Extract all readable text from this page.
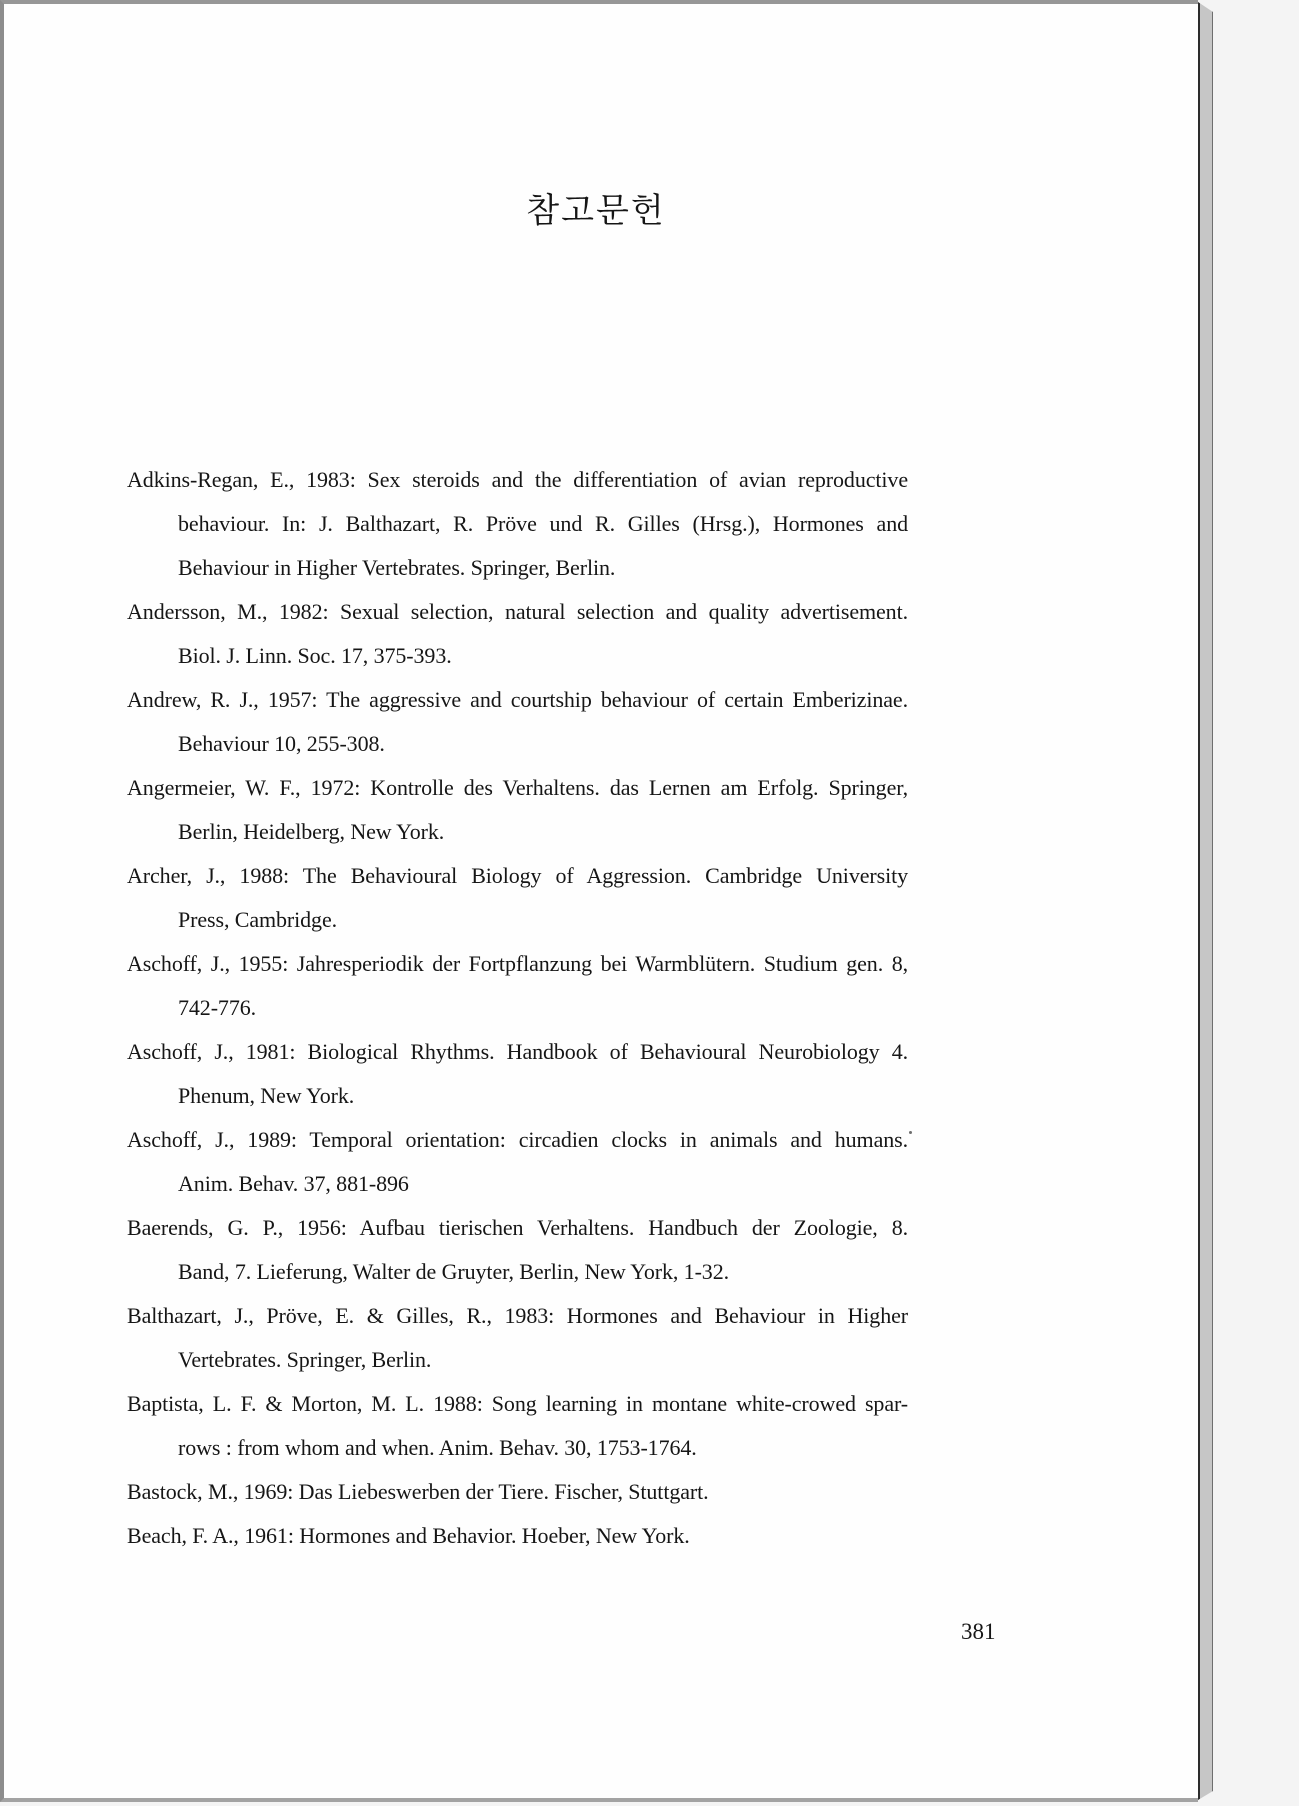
참고문헌
Adkins-Regan, E., 1983: Sex steroids and the differentiation of avian reproductive
behaviour. In: J. Balthazart, R. Pröve und R. Gilles (Hrsg.), Hormones and
Behaviour in Higher Vertebrates. Springer, Berlin.
Andersson, M., 1982: Sexual selection, natural selection and quality advertisement.
Biol. J. Linn. Soc. 17, 375-393.
Andrew, R. J., 1957: The aggressive and courtship behaviour of certain Emberizinae.
Behaviour 10, 255-308.
Angermeier, W. F., 1972: Kontrolle des Verhaltens. das Lernen am Erfolg. Springer,
Berlin, Heidelberg, New York.
Archer, J., 1988: The Behavioural Biology of Aggression. Cambridge University
Press, Cambridge.
Aschoff, J., 1955: Jahresperiodik der Fortpflanzung bei Warmblütern. Studium gen. 8,
742-776.
Aschoff, J., 1981: Biological Rhythms. Handbook of Behavioural Neurobiology 4.
Phenum, New York.
Aschoff, J., 1989: Temporal orientation: circadien clocks in animals and humans.
Anim. Behav. 37, 881-896
Baerends, G. P., 1956: Aufbau tierischen Verhaltens. Handbuch der Zoologie, 8.
Band, 7. Lieferung, Walter de Gruyter, Berlin, New York, 1-32.
Balthazart, J., Pröve, E. & Gilles, R., 1983: Hormones and Behaviour in Higher
Vertebrates. Springer, Berlin.
Baptista, L. F. & Morton, M. L. 1988: Song learning in montane white-crowed spar-
rows : from whom and when. Anim. Behav. 30, 1753-1764.
Bastock, M., 1969: Das Liebeswerben der Tiere. Fischer, Stuttgart.
Beach, F. A., 1961: Hormones and Behavior. Hoeber, New York.
381
